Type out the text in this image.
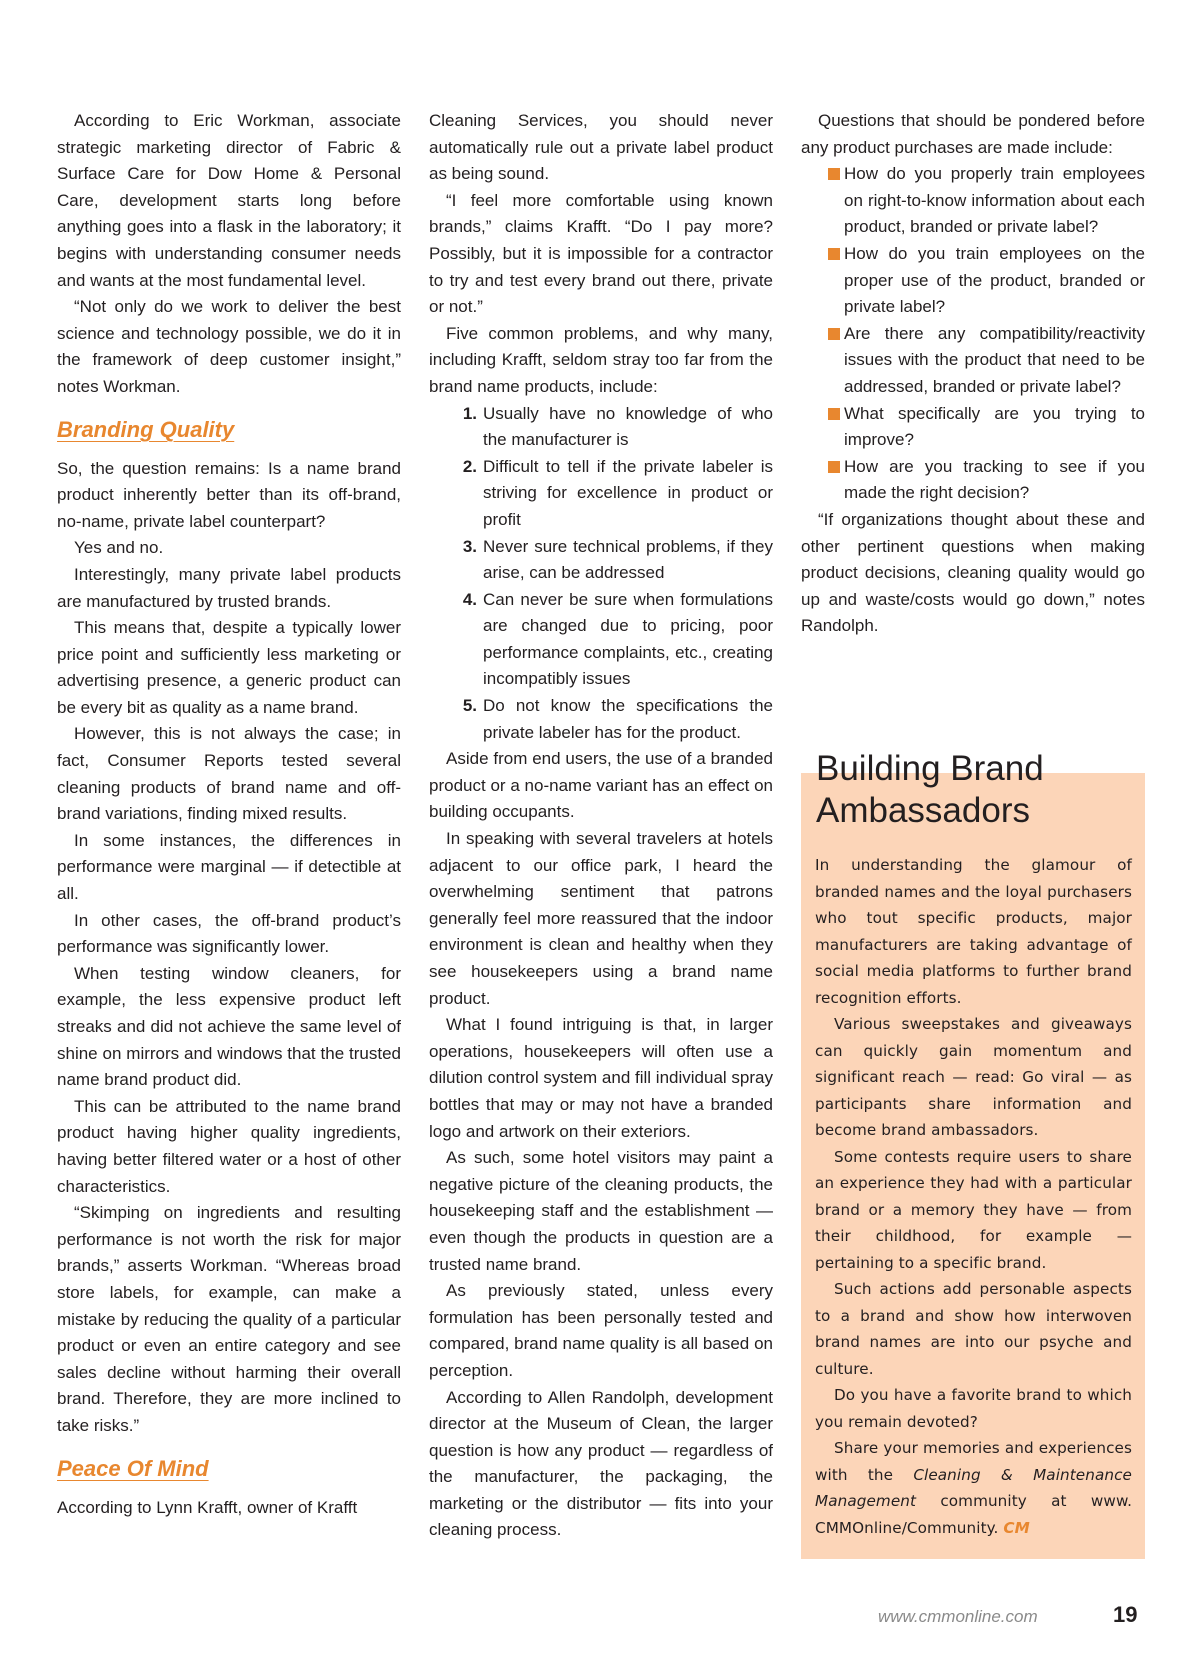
According to Eric Workman, associate strategic marketing director of Fabric & Surface Care for Dow Home & Personal Care, development starts long before anything goes into a flask in the laboratory; it begins with understanding consumer needs and wants at the most fundamental level.

“Not only do we work to deliver the best science and technology possible, we do it in the framework of deep customer insight,” notes Workman.

Branding Quality

So, the question remains: Is a name brand product inherently better than its off-brand, no-name, private label counterpart?

Yes and no.

Interestingly, many private label products are manufactured by trusted brands.

This means that, despite a typically lower price point and sufficiently less marketing or advertising presence, a generic product can be every bit as quality as a name brand.

However, this is not always the case; in fact, Consumer Reports tested several cleaning products of brand name and off-brand variations, finding mixed results.

In some instances, the differences in performance were marginal — if detectible at all.

In other cases, the off-brand product’s performance was significantly lower.

When testing window cleaners, for example, the less expensive product left streaks and did not achieve the same level of shine on mirrors and windows that the trusted name brand product did.

This can be attributed to the name brand product having higher quality ingredients, having better filtered water or a host of other characteristics.

“Skimping on ingredients and resulting performance is not worth the risk for major brands,” asserts Workman. “Whereas broad store labels, for example, can make a mistake by reducing the quality of a particular product or even an entire category and see sales decline without harming their overall brand. Therefore, they are more inclined to take risks.”

Peace Of Mind

According to Lynn Krafft, owner of Krafft

Cleaning Services, you should never automatically rule out a private label product as being sound.

“I feel more comfortable using known brands,” claims Krafft. “Do I pay more? Possibly, but it is impossible for a contractor to try and test every brand out there, private or not.”

Five common problems, and why many, including Krafft, seldom stray too far from the brand name products, include:

1. Usually have no knowledge of who the manufacturer is
2. Difficult to tell if the private labeler is striving for excellence in product or profit
3. Never sure technical problems, if they arise, can be addressed
4. Can never be sure when formulations are changed due to pricing, poor performance complaints, etc., creating incompatibly issues
5. Do not know the specifications the private labeler has for the product.

Aside from end users, the use of a branded product or a no-name variant has an effect on building occupants.

In speaking with several travelers at hotels adjacent to our office park, I heard the overwhelming sentiment that patrons generally feel more reassured that the indoor environment is clean and healthy when they see housekeepers using a brand name product.

What I found intriguing is that, in larger operations, housekeepers will often use a dilution control system and fill individual spray bottles that may or may not have a branded logo and artwork on their exteriors.

As such, some hotel visitors may paint a negative picture of the cleaning products, the housekeeping staff and the establishment — even though the products in question are a trusted name brand.

As previously stated, unless every formulation has been personally tested and compared, brand name quality is all based on perception.

According to Allen Randolph, development director at the Museum of Clean, the larger question is how any product — regardless of the manufacturer, the packaging, the marketing or the distributor — fits into your cleaning process.

Questions that should be pondered before any product purchases are made include:

How do you properly train employees on right-to-know information about each product, branded or private label?
How do you train employees on the proper use of the product, branded or private label?
Are there any compatibility/reactivity issues with the product that need to be addressed, branded or private label?
What specifically are you trying to improve?
How are you tracking to see if you made the right decision?

“If organizations thought about these and other pertinent questions when making product decisions, cleaning quality would go up and waste/costs would go down,” notes Randolph.

Building Brand Ambassadors

In understanding the glamour of branded names and the loyal purchasers who tout specific products, major manufacturers are taking advantage of social media platforms to further brand recognition efforts.

Various sweepstakes and giveaways can quickly gain momentum and significant reach — read: Go viral — as participants share information and become brand ambassadors.

Some contests require users to share an experience they had with a particular brand or a memory they have — from their childhood, for example — pertaining to a specific brand.

Such actions add personable aspects to a brand and show how interwoven brand names are into our psyche and culture.

Do you have a favorite brand to which you remain devoted?

Share your memories and experiences with the Cleaning & Maintenance Management community at www. CMMOnline/Community. CM

www.cmmonline.com	19
